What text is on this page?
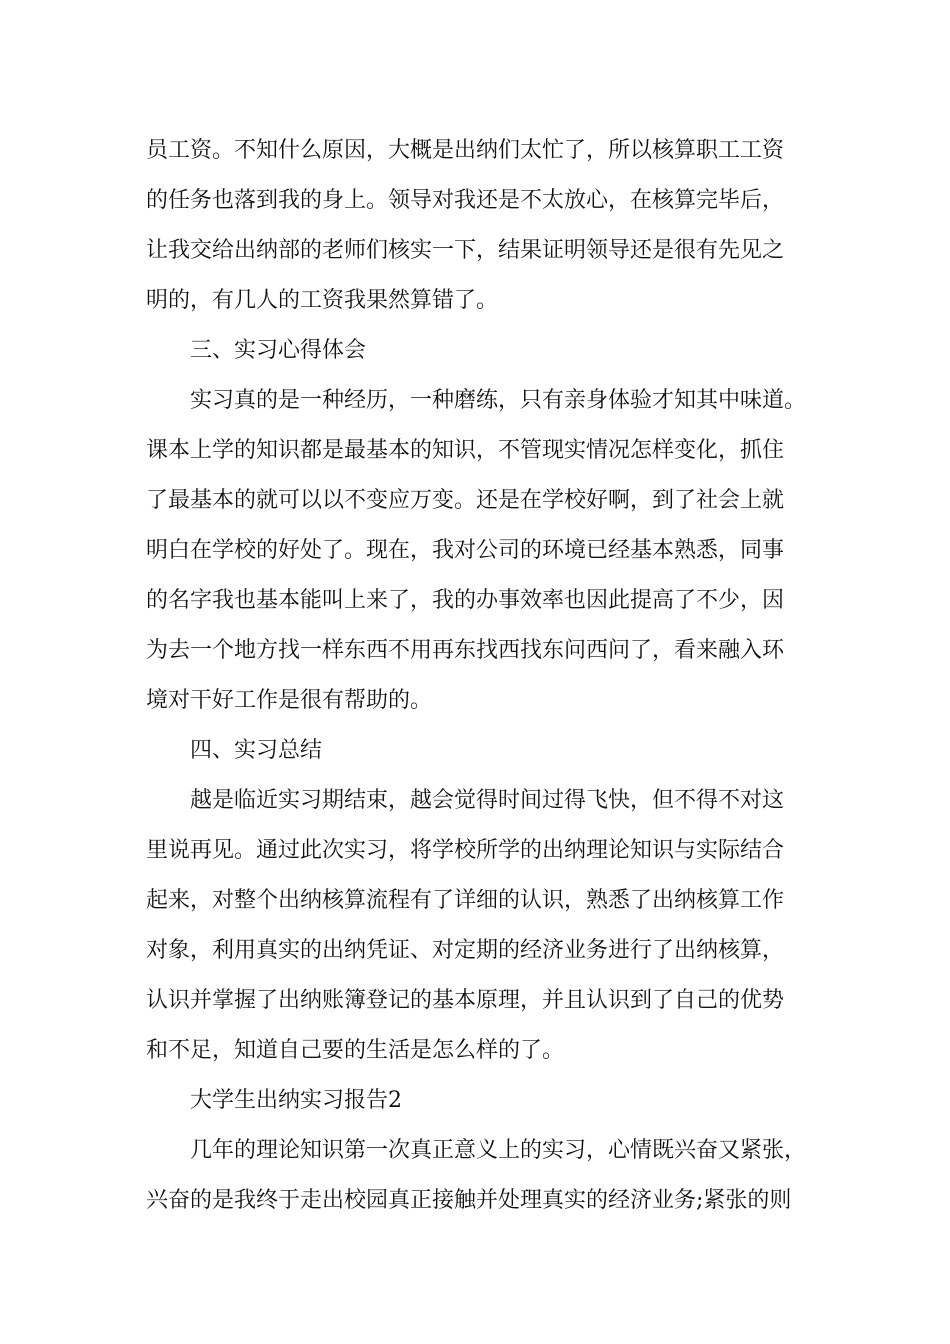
员工资。不知什么原因，大概是出纳们太忙了，所以核算职工工资
的任务也落到我的身上。领导对我还是不太放心，在核算完毕后，
让我交给出纳部的老师们核实一下，结果证明领导还是很有先见之
明的，有几人的工资我果然算错了。
三、实习心得体会
实习真的是一种经历，一种磨练，只有亲身体验才知其中味道。
课本上学的知识都是最基本的知识，不管现实情况怎样变化，抓住
了最基本的就可以以不变应万变。还是在学校好啊，到了社会上就
明白在学校的好处了。现在，我对公司的环境已经基本熟悉，同事
的名字我也基本能叫上来了，我的办事效率也因此提高了不少，因
为去一个地方找一样东西不用再东找西找东问西问了，看来融入环
境对干好工作是很有帮助的。
四、实习总结
越是临近实习期结束，越会觉得时间过得飞快，但不得不对这
里说再见。通过此次实习，将学校所学的出纳理论知识与实际结合
起来，对整个出纳核算流程有了详细的认识，熟悉了出纳核算工作
对象，利用真实的出纳凭证、对定期的经济业务进行了出纳核算，
认识并掌握了出纳账簿登记的基本原理，并且认识到了自己的优势
和不足，知道自己要的生活是怎么样的了。
大学生出纳实习报告2
几年的理论知识第一次真正意义上的实习，心情既兴奋又紧张，
兴奋的是我终于走出校园真正接触并处理真实的经济业务;紧张的则
